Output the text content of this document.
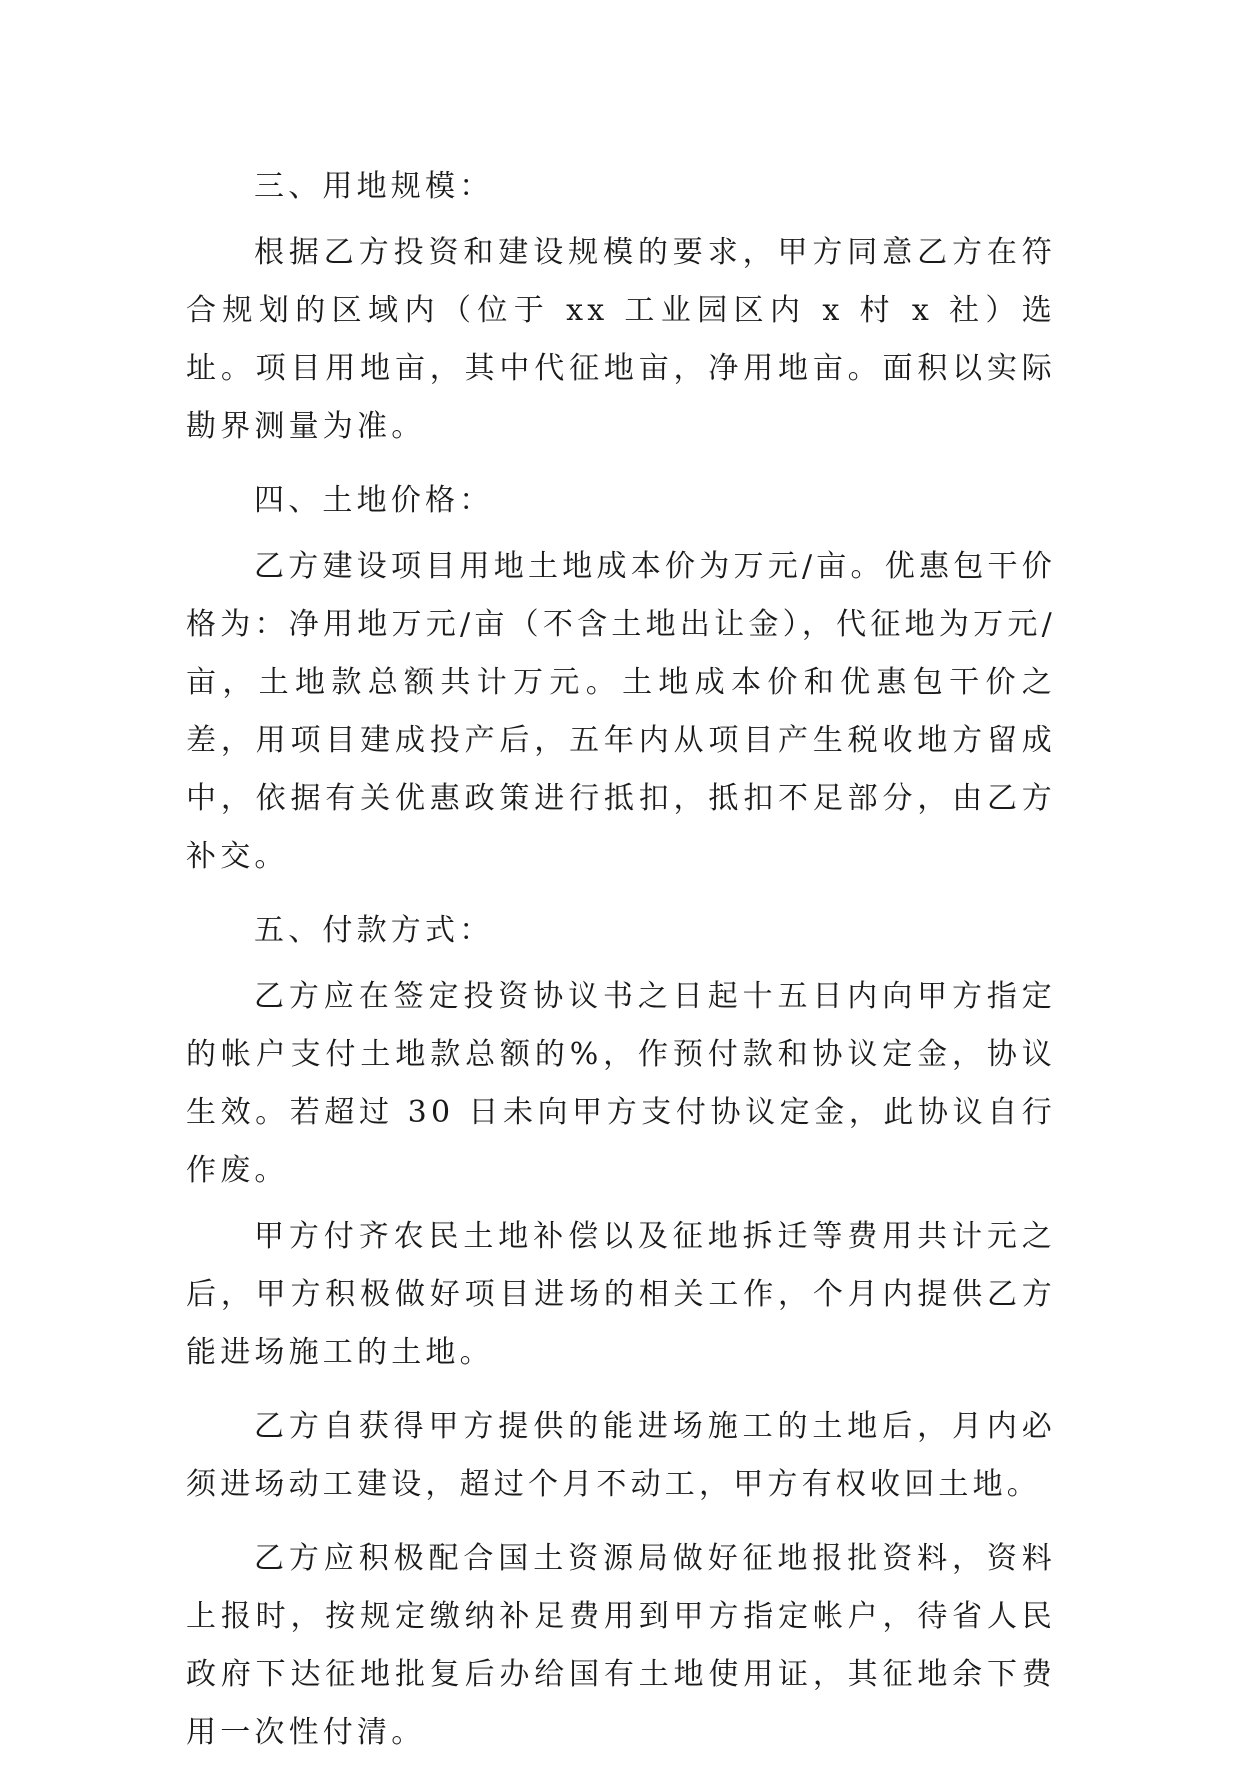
三、用地规模：

根据乙方投资和建设规模的要求，甲方同意乙方在符合规划的区域内（位于 xx 工业园区内 x 村 x 社）选址。项目用地亩，其中代征地亩，净用地亩。面积以实际勘界测量为准。

四、土地价格：

乙方建设项目用地土地成本价为万元/亩。优惠包干价格为：净用地万元/亩（不含土地出让金），代征地为万元/亩，土地款总额共计万元。土地成本价和优惠包干价之差，用项目建成投产后，五年内从项目产生税收地方留成中，依据有关优惠政策进行抵扣，抵扣不足部分，由乙方补交。

五、付款方式：

乙方应在签定投资协议书之日起十五日内向甲方指定的帐户支付土地款总额的%，作预付款和协议定金，协议生效。若超过 30 日未向甲方支付协议定金，此协议自行作废。

甲方付齐农民土地补偿以及征地拆迁等费用共计元之后，甲方积极做好项目进场的相关工作，个月内提供乙方能进场施工的土地。

乙方自获得甲方提供的能进场施工的土地后，月内必须进场动工建设，超过个月不动工，甲方有权收回土地。

乙方应积极配合国土资源局做好征地报批资料，资料上报时，按规定缴纳补足费用到甲方指定帐户，待省人民政府下达征地批复后办给国有土地使用证，其征地余下费用一次性付清。
